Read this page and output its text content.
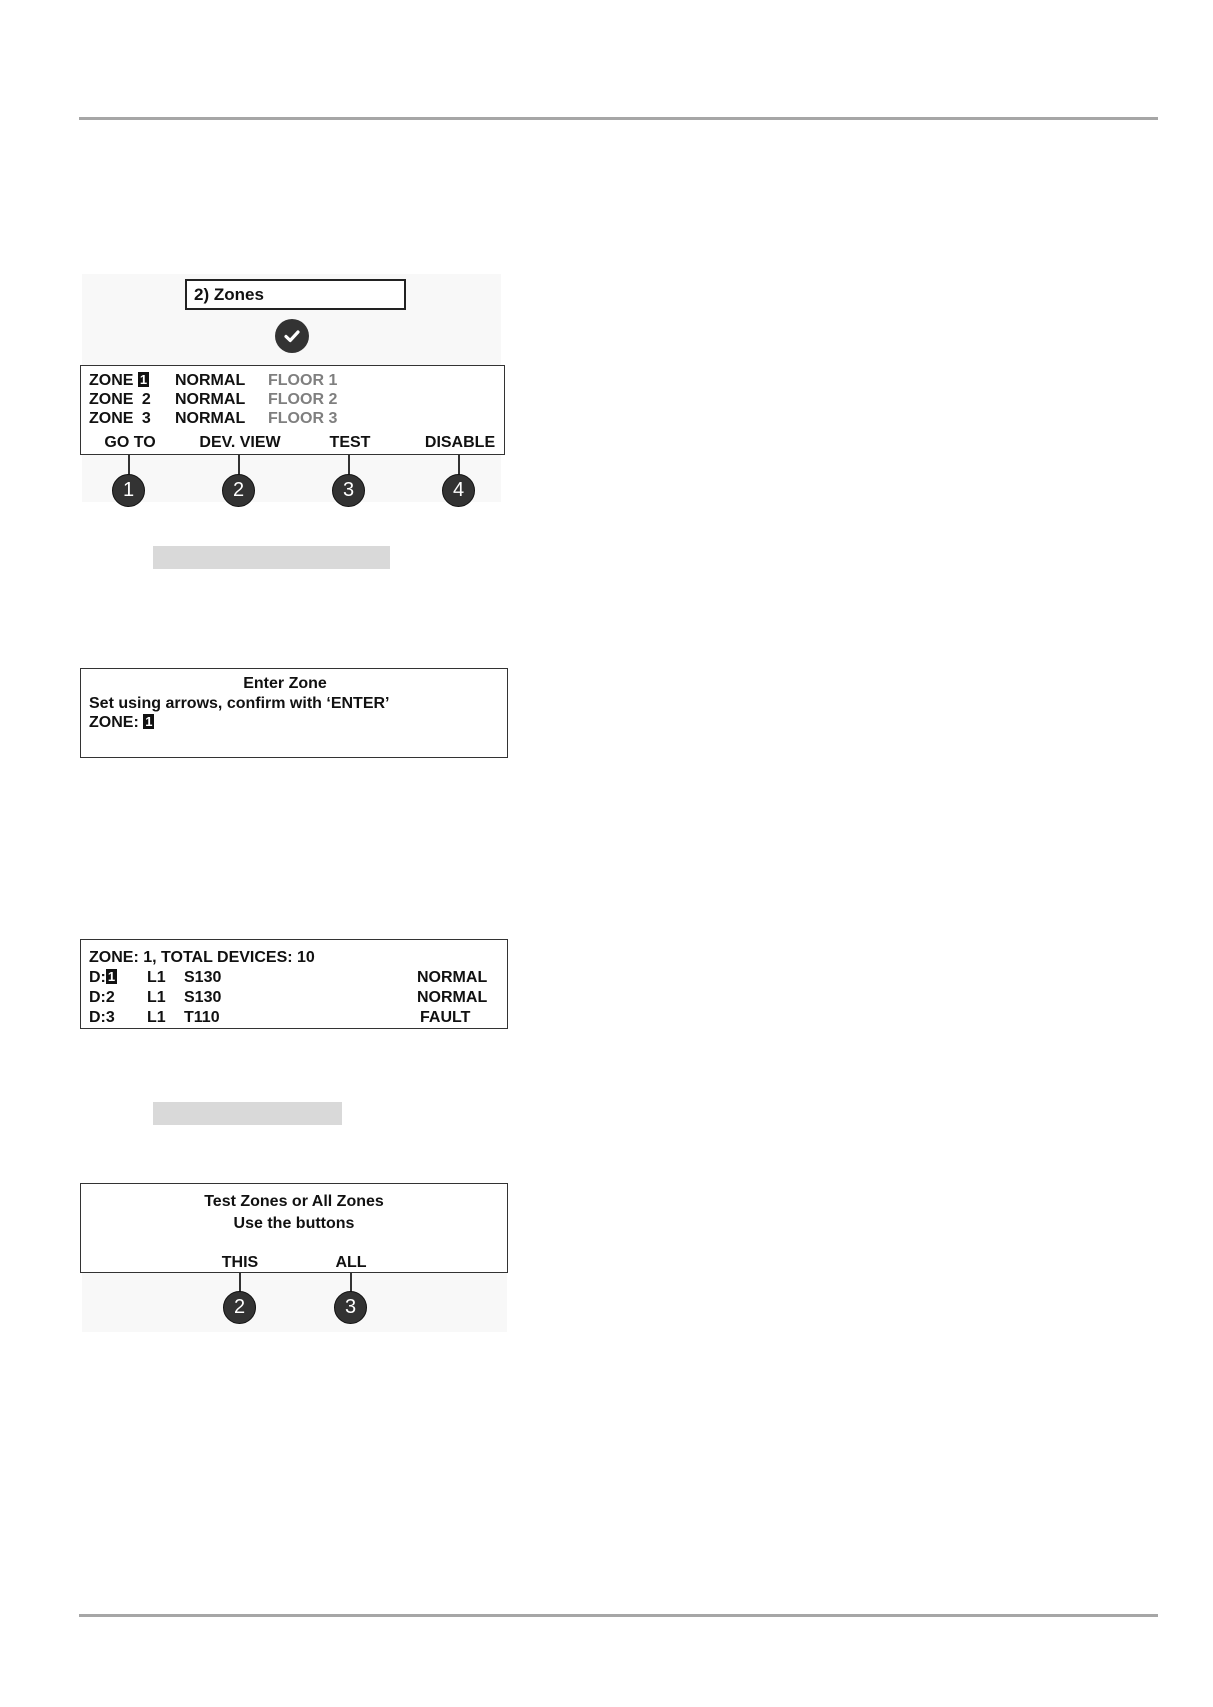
2) Zones
ZONE 1 NORMAL FLOOR 1
ZONE 2 NORMAL FLOOR 2
ZONE 3 NORMAL FLOOR 3
GO TO	DEV. VIEW	TEST	DISABLE
1	2	3	4
Enter Zone
Set using arrows, confirm with ‘ENTER’
ZONE: 1
ZONE: 1, TOTAL DEVICES: 10
D: 1 L1 S130	NORMAL
D:2 L1 S130	NORMAL
D:3 L1 T110	FAULT
Test Zones or All Zones
Use the buttons
THIS	ALL
2	3
